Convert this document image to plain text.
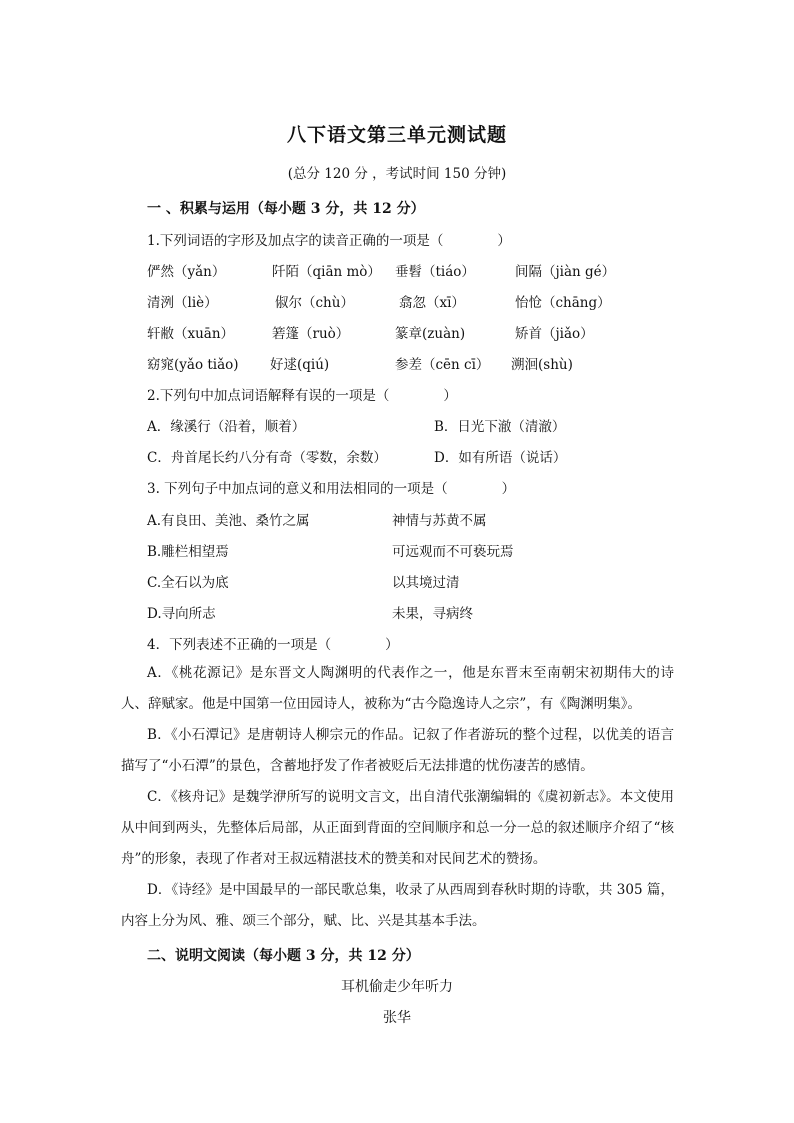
八下语文第三单元测试题
(总分 120 分 ，考试时间 150 分钟)
一 、积累与运用（每小题 3 分，共 12 分）
1.下列词语的字形及加点字的读音正确的一项是（　　　　）
俨然（yǎn）	阡陌（qiān mò） 垂髫（tiáo）	间隔（jiàn gé）
清洌（liè）	俶尔（chù）	翕忽（xī）	怡怆（chāng）
轩敝（xuān）	箬篷（ruò）	篆章(zuàn)	矫首（jiǎo）
窈窕(yǎo tiǎo) 好逑(qiú)	参差（cēn cī） 溯洄(shù)
2.下列句中加点词语解释有误的一项是（　　　　）
A．缘溪行（沿着，顺着）	B．日光下澈（清澈）
C．舟首尾长约八分有奇（零数，余数）	D．如有所语（说话）
3. 下列句子中加点词的意义和用法相同的一项是（　　　　）
A.有良田、美池、桑竹之属	神情与苏黄不属
B.雕栏相望焉	可远观而不可亵玩焉
C.全石以为底	以其境过清
D.寻向所志	未果，寻病终
4．下列表述不正确的一项是（　　　　）
A．《桃花源记》是东晋文人陶渊明的代表作之一，他是东晋末至南朝宋初期伟大的诗人、辞赋家。他是中国第一位田园诗人，被称为“古今隐逸诗人之宗”，有《陶渊明集》。
B．《小石潭记》是唐朝诗人柳宗元的作品。记叙了作者游玩的整个过程，以优美的语言描写了“小石潭”的景色，含蓄地抒发了作者被贬后无法排遣的忧伤凄苦的感情。
C．《核舟记》是魏学洢所写的说明文言文，出自清代张潮编辑的《虞初新志》。本文使用从中间到两头，先整体后局部，从正面到背面的空间顺序和总一分一总的叙述顺序介绍了“核舟”的形象，表现了作者对王叔远精湛技术的赞美和对民间艺术的赞扬。
D．《诗经》是中国最早的一部民歌总集，收录了从西周到春秋时期的诗歌，共 305 篇，内容上分为风、雅、颂三个部分，赋、比、兴是其基本手法。
二、说明文阅读（每小题 3 分，共 12 分）
耳机偷走少年听力
张华
